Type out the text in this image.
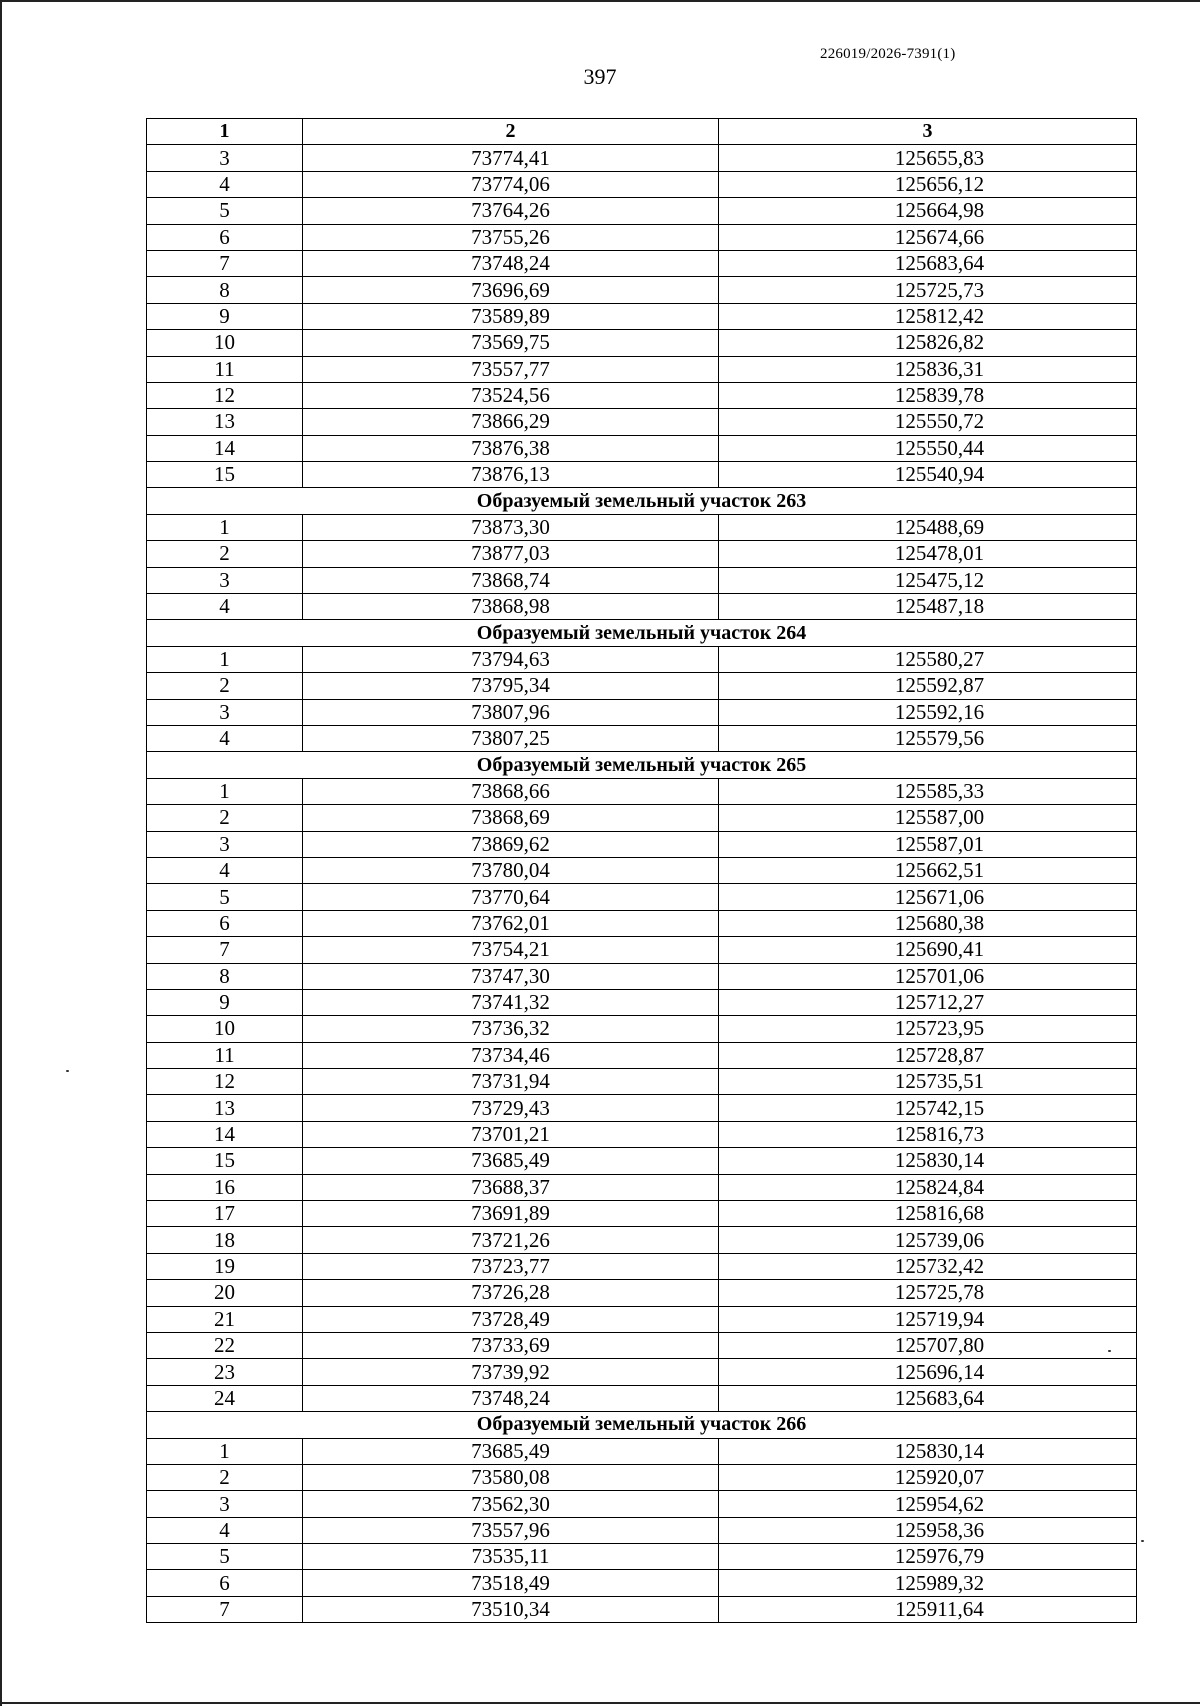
226019/2026-7391(1)
397
1	2	3
3	73774,41	125655,83
4	73774,06	125656,12
5	73764,26	125664,98
6	73755,26	125674,66
7	73748,24	125683,64
8	73696,69	125725,73
9	73589,89	125812,42
10	73569,75	125826,82
11	73557,77	125836,31
12	73524,56	125839,78
13	73866,29	125550,72
14	73876,38	125550,44
15	73876,13	125540,94
Образуемый земельный участок 263		
1	73873,30	125488,69
2	73877,03	125478,01
3	73868,74	125475,12
4	73868,98	125487,18
Образуемый земельный участок 264		
1	73794,63	125580,27
2	73795,34	125592,87
3	73807,96	125592,16
4	73807,25	125579,56
Образуемый земельный участок 265		
1	73868,66	125585,33
2	73868,69	125587,00
3	73869,62	125587,01
4	73780,04	125662,51
5	73770,64	125671,06
6	73762,01	125680,38
7	73754,21	125690,41
8	73747,30	125701,06
9	73741,32	125712,27
10	73736,32	125723,95
11	73734,46	125728,87
12	73731,94	125735,51
13	73729,43	125742,15
14	73701,21	125816,73
15	73685,49	125830,14
16	73688,37	125824,84
17	73691,89	125816,68
18	73721,26	125739,06
19	73723,77	125732,42
20	73726,28	125725,78
21	73728,49	125719,94
22	73733,69	125707,80
23	73739,92	125696,14
24	73748,24	125683,64
Образуемый земельный участок 266		
1	73685,49	125830,14
2	73580,08	125920,07
3	73562,30	125954,62
4	73557,96	125958,36
5	73535,11	125976,79
6	73518,49	125989,32
7	73510,34	125911,64
